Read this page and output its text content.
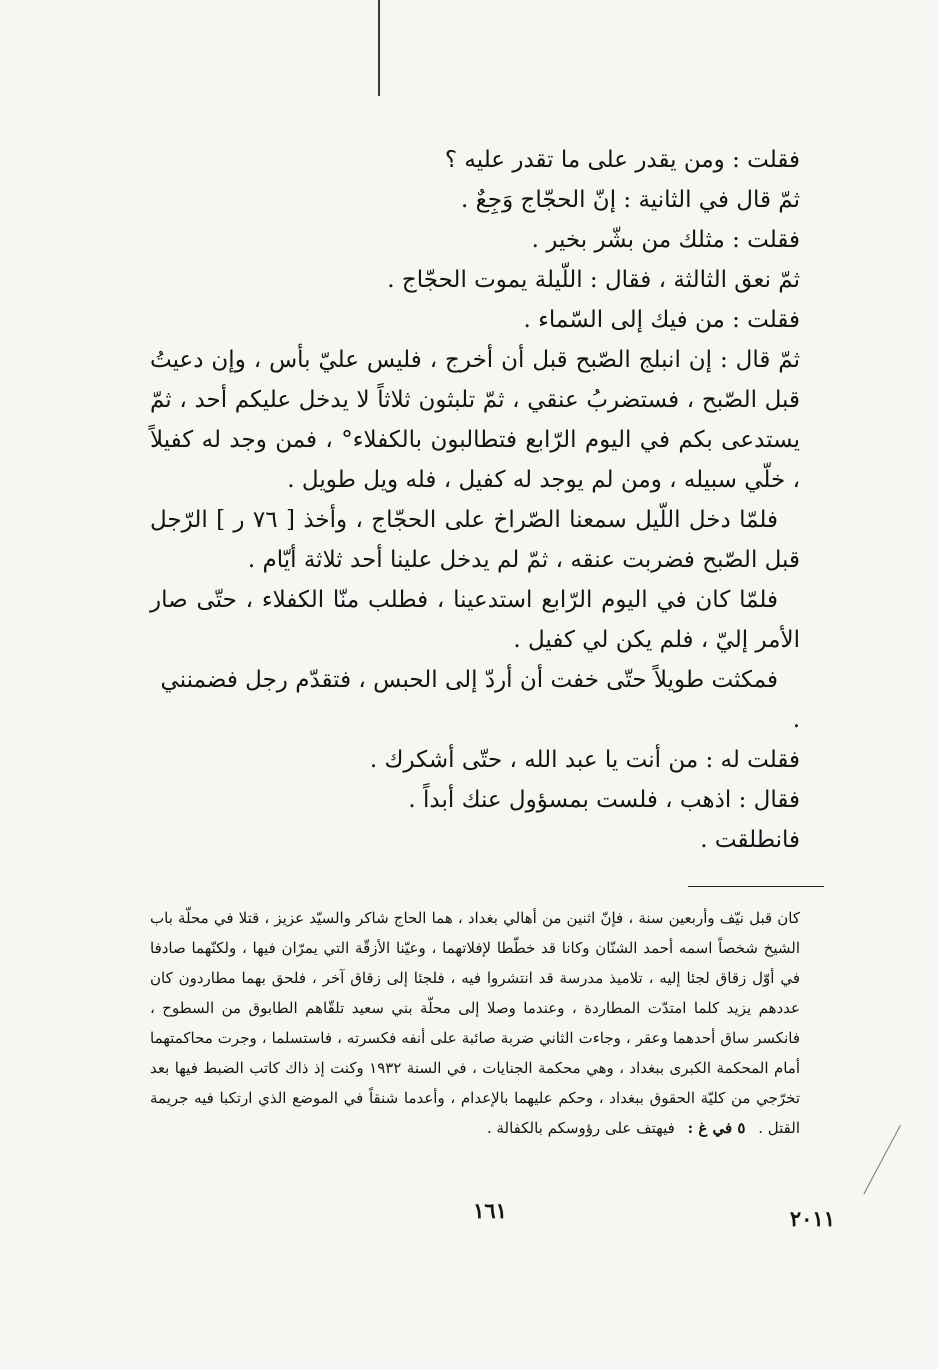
فقلت : ومن يقدر على ما تقدر عليه ؟

ثمّ قال في الثانية : إنّ الحجّاج وَجِعٌ .

فقلت : مثلك من بشّر بخير .

ثمّ نعق الثالثة ، فقال : اللّيلة يموت الحجّاج .

فقلت : من فيك إلى السّماء .

ثمّ قال : إن انبلج الصّبح قبل أن أخرج ، فليس عليّ بأس ، وإن دعيتُ قبل الصّبح ، فستضربُ عنقي ، ثمّ تلبثون ثلاثاً لا يدخل عليكم أحد ، ثمّ يستدعى بكم في اليوم الرّابع فتطالبون بالكفلاء° ، فمن وجد له كفيلاً ، خلّي سبيله ، ومن لم يوجد له كفيل ، فله ويل طويل .

فلمّا دخل اللّيل سمعنا الصّراخ على الحجّاج ، وأخذ [ ٧٦ ر ] الرّجل قبل الصّبح فضربت عنقه ، ثمّ لم يدخل علينا أحد ثلاثة أيّام .

فلمّا كان في اليوم الرّابع استدعينا ، فطلب منّا الكفلاء ، حتّى صار الأمر إليّ ، فلم يكن لي كفيل .

فمكثت طويلاً حتّى خفت أن أردّ إلى الحبس ، فتقدّم رجل فضمنني .

فقلت له : من أنت يا عبد الله ، حتّى أشكرك .

فقال : اذهب ، فلست بمسؤول عنك أبداً .

فانطلقت .

كان قبل نيّف وأربعين سنة ، فإنّ اثنين من أهالي بغداد ، هما الحاج شاكر والسيّد عزيز ، قتلا في محلّة باب الشيخ شخصاً اسمه أحمد الشنّان وكانا قد خطّطا لإفلاتهما ، وعيّنا الأزقّة التي يمرّان فيها ، ولكنّهما صادفا في أوّل زقاق لجئا إليه ، تلاميذ مدرسة قد انتشروا فيه ، فلجئا إلى زقاق آخر ، فلحق بهما مطاردون كان عددهم يزيد كلما امتدّت المطاردة ، وعندما وصلا إلى محلّة بني سعيد تلقّاهم الطابوق من السطوح ، فانكسر ساق أحدهما وعقر ، وجاءت الثاني ضربة صائبة على أنفه فكسرته ، فاستسلما ، وجرت محاكمتهما أمام المحكمة الكبرى ببغداد ، وهي محكمة الجنايات ، في السنة ١٩٣٢ وكنت إذ ذاك كاتب الضبط فيها بعد تخرّجي من كليّة الحقوق ببغداد ، وحكم عليهما بالإعدام ، وأعدما شنقاً في الموضع الذي ارتكبا فيه جريمة القتل . ٥ في غ : فيهتف على رؤوسكم بالكفالة .

١٦١	٢٠١١
